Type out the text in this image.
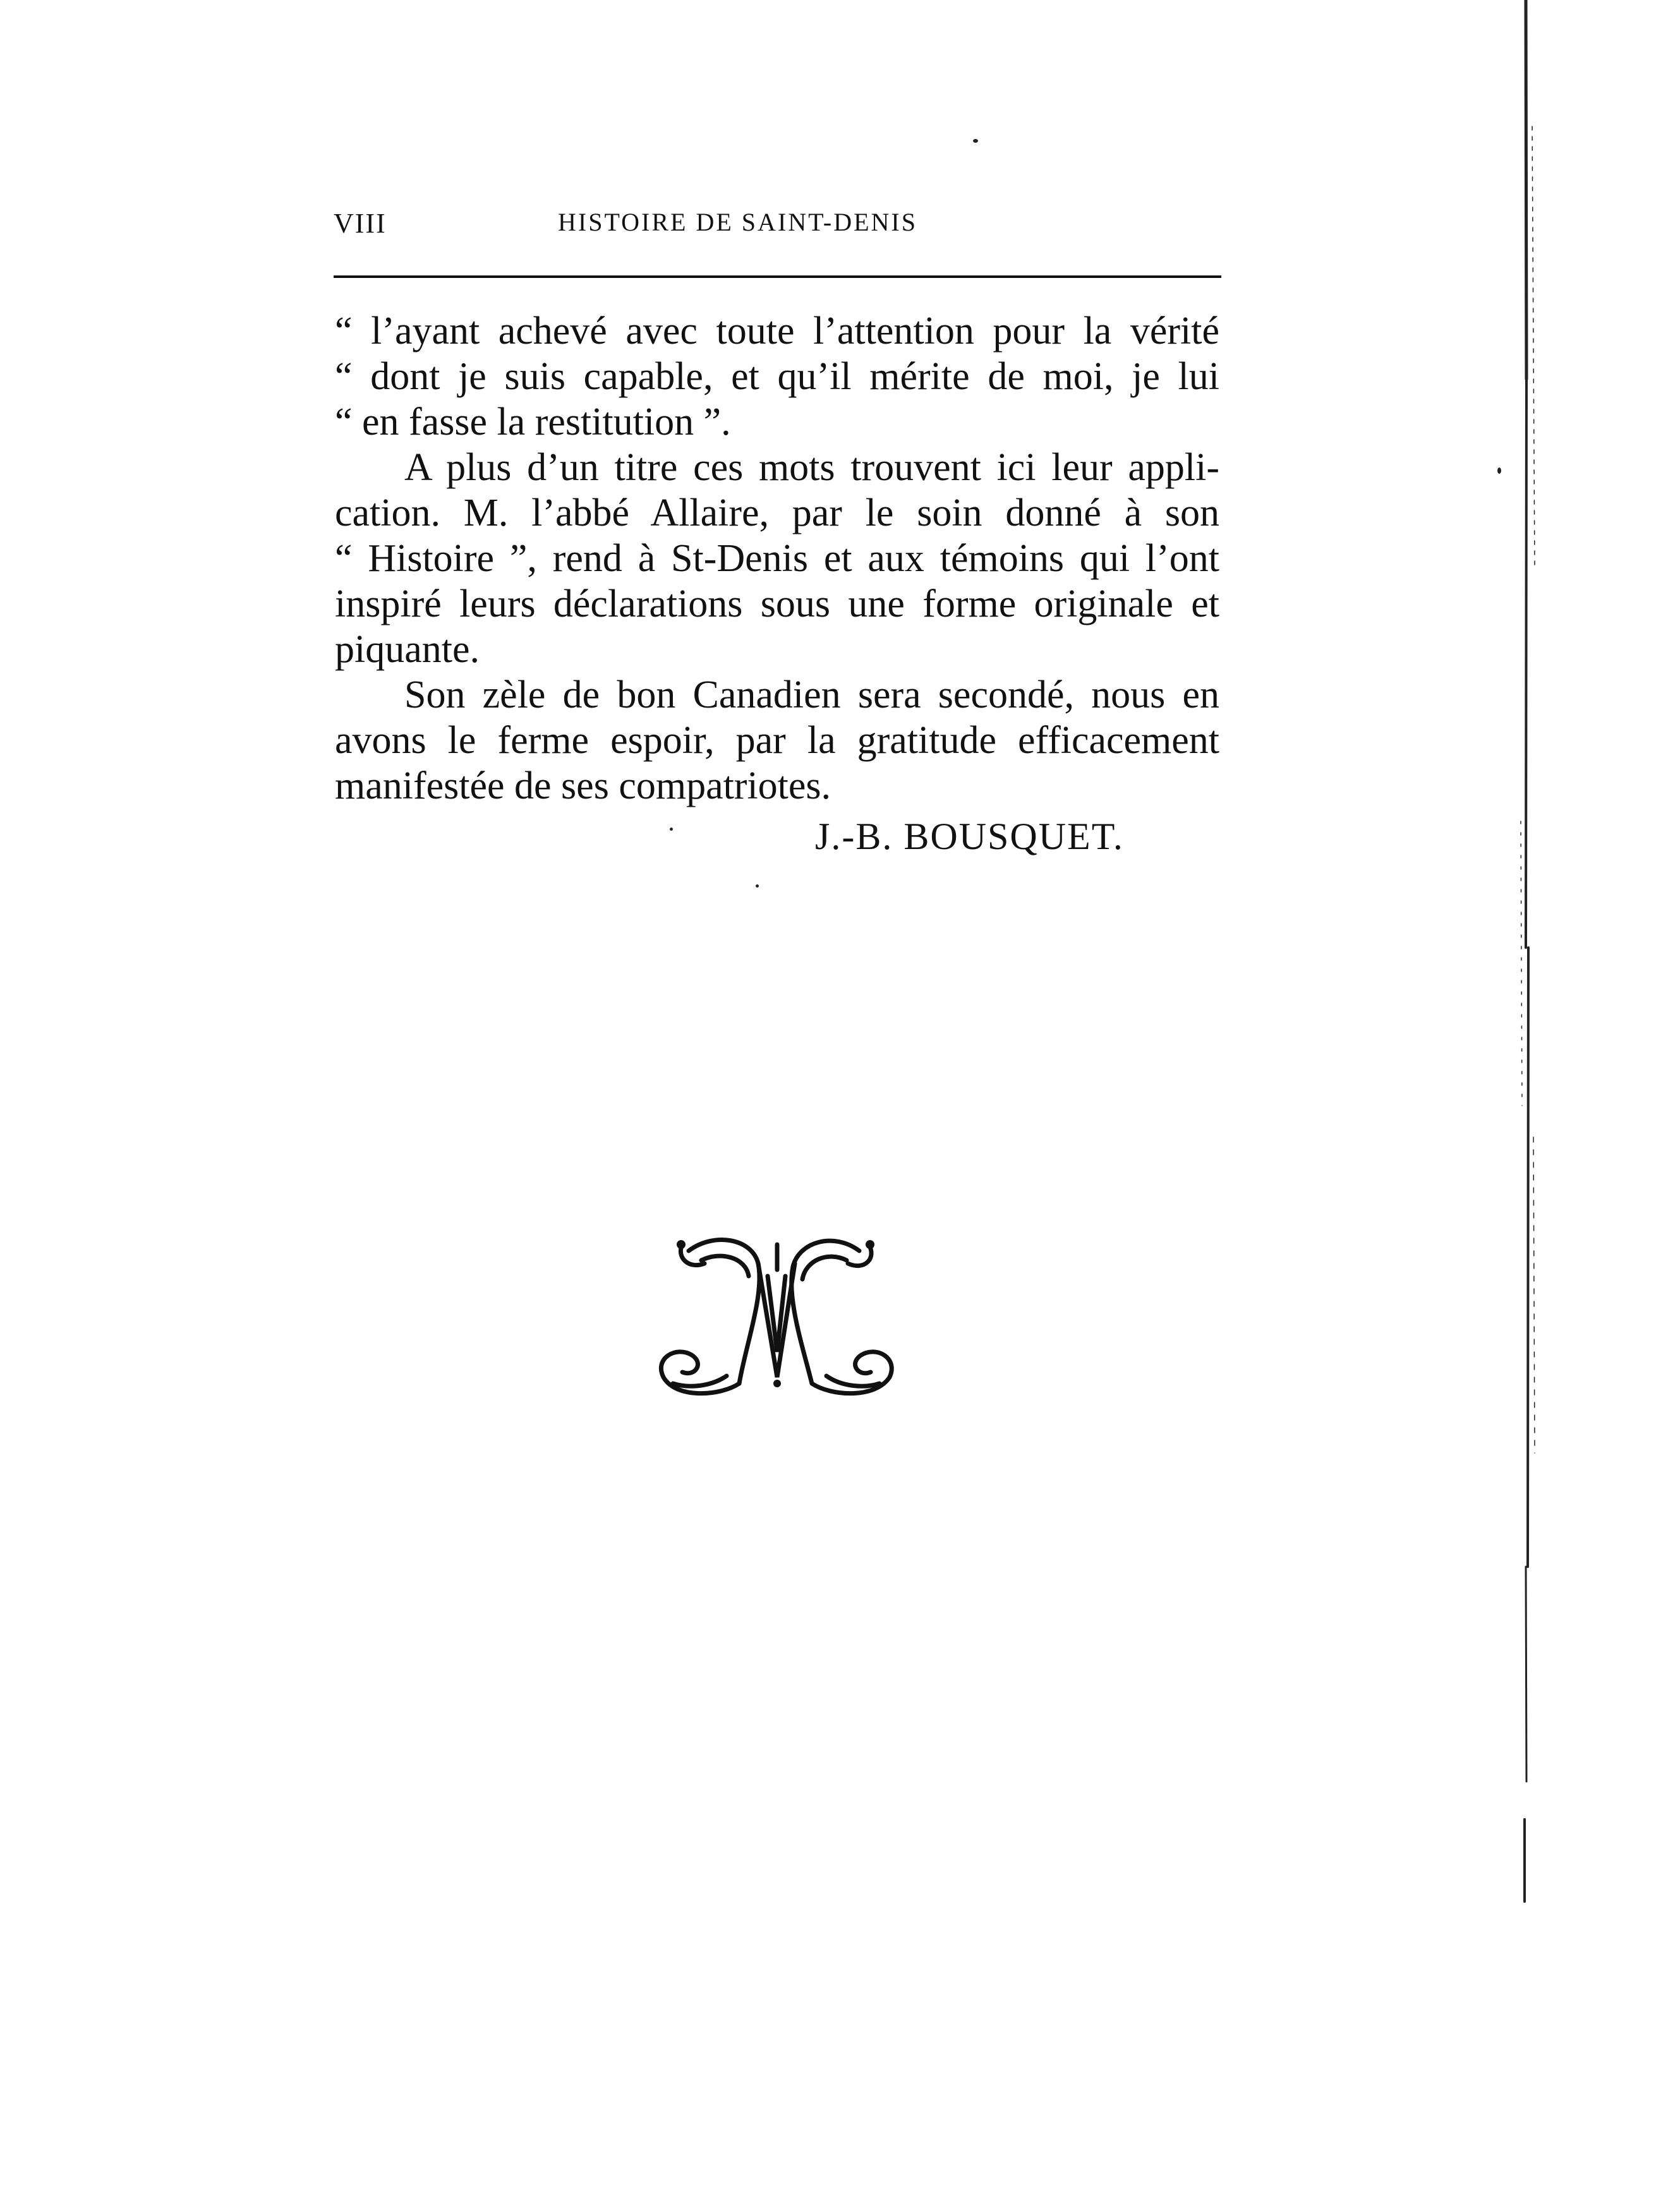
VIII	HISTOIRE DE SAINT-DENIS
“ l’ayant achevé avec toute l’attention pour la vérité
“ dont je suis capable, et qu’il mérite de moi, je lui
“ en fasse la restitution ”.
A plus d’un titre ces mots trouvent ici leur appli-
cation. M. l’abbé Allaire, par le soin donné à son
“ Histoire ”, rend à St-Denis et aux témoins qui l’ont
inspiré leurs déclarations sous une forme originale et
piquante.
Son zèle de bon Canadien sera secondé, nous en
avons le ferme espoir, par la gratitude efficacement
manifestée de ses compatriotes.
J.-B. BOUSQUET.
